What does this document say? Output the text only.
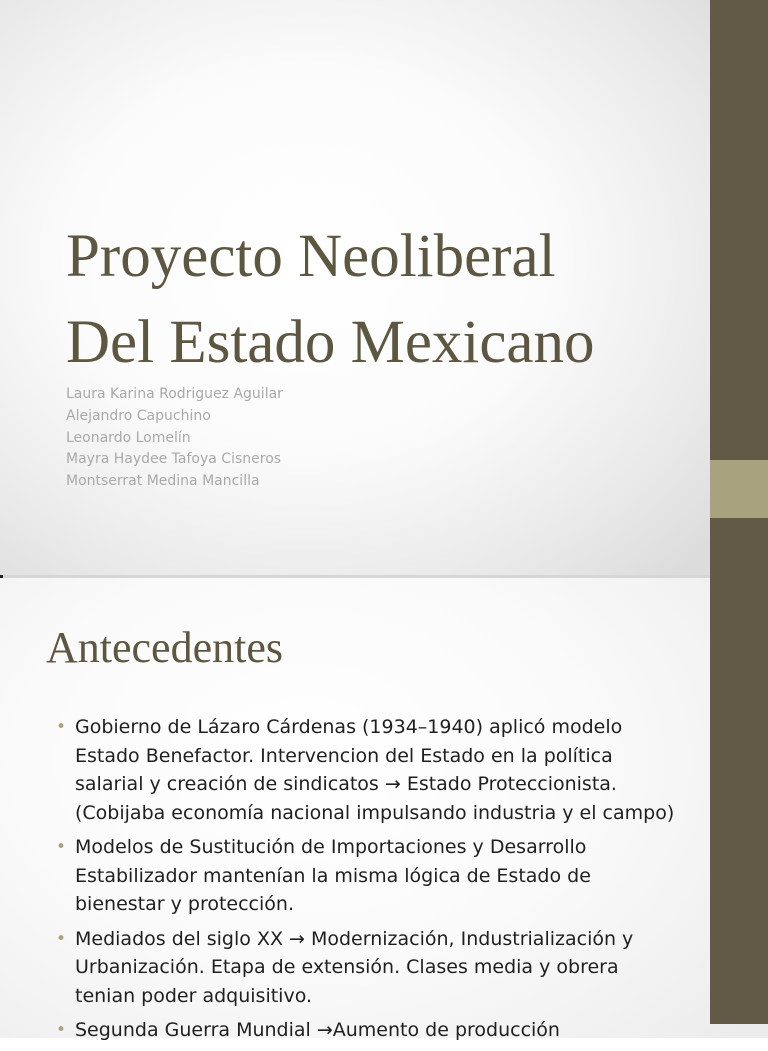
Proyecto Neoliberal
Del Estado Mexicano
Laura Karina Rodriguez Aguilar
Alejandro Capuchino
Leonardo Lomelín
Mayra Haydee Tafoya Cisneros
Montserrat Medina Mancilla
Antecedentes
• Gobierno de Lázaro Cárdenas (1934–1940) aplicó modelo
Estado Benefactor. Intervencion del Estado en la política
salarial y creación de sindicatos → Estado Proteccionista.
(Cobijaba economía nacional impulsando industria y el campo)
• Modelos de Sustitución de Importaciones y Desarrollo
Estabilizador mantenían la misma lógica de Estado de
bienestar y protección.
• Mediados del siglo XX → Modernización, Industrialización y
Urbanización. Etapa de extensión. Clases media y obrera
tenian poder adquisitivo.
• Segunda Guerra Mundial →Aumento de producción
